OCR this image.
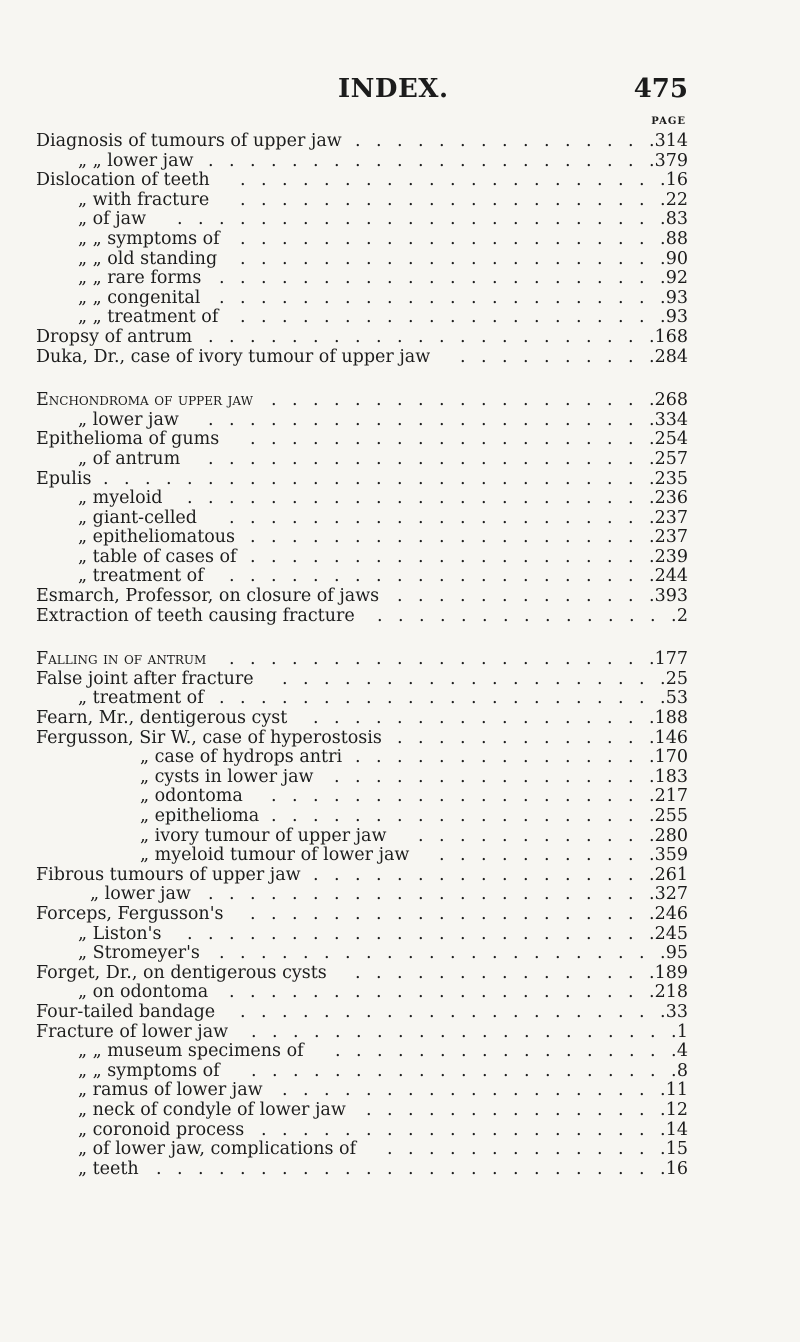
INDEX.	475
PAGE
Diagnosis of tumours of upper jaw	314
.
.
.
.
.
.
.
.
.
.
.
.
.
.
.
„ „ lower jaw	379
.
.
.
.
.
.
.
.
.
.
.
.
.
.
.
.
.
.
.
.
.
.
Dislocation of teeth	16
.
.
.
.
.
.
.
.
.
.
.
.
.
.
.
.
.
.
.
.
.
„ with fracture	22
.
.
.
.
.
.
.
.
.
.
.
.
.
.
.
.
.
.
.
.
.
„ of jaw	83
.
.
.
.
.
.
.
.
.
.
.
.
.
.
.
.
.
.
.
.
.
.
.
.
„ „ symptoms of	88
.
.
.
.
.
.
.
.
.
.
.
.
.
.
.
.
.
.
.
.
.
„ „ old standing	90
.
.
.
.
.
.
.
.
.
.
.
.
.
.
.
.
.
.
.
.
.
„ „ rare forms	92
.
.
.
.
.
.
.
.
.
.
.
.
.
.
.
.
.
.
.
.
.
.
„ „ congenital	93
.
.
.
.
.
.
.
.
.
.
.
.
.
.
.
.
.
.
.
.
.
.
„ „ treatment of	93
.
.
.
.
.
.
.
.
.
.
.
.
.
.
.
.
.
.
.
.
.
Dropsy of antrum	168
.
.
.
.
.
.
.
.
.
.
.
.
.
.
.
.
.
.
.
.
.
.
Duka, Dr., case of ivory tumour of upper jaw	284
.
.
.
.
.
.
.
.
.
.
Enchondroma of upper jaw	268
.
.
.
.
.
.
.
.
.
.
.
.
.
.
.
.
.
.
.
„ lower jaw	334
.
.
.
.
.
.
.
.
.
.
.
.
.
.
.
.
.
.
.
.
.
.
Epithelioma of gums	254
.
.
.
.
.
.
.
.
.
.
.
.
.
.
.
.
.
.
.
.
„ of antrum	257
.
.
.
.
.
.
.
.
.
.
.
.
.
.
.
.
.
.
.
.
.
.
Epulis	235
.
.
.
.
.
.
.
.
.
.
.
.
.
.
.
.
.
.
.
.
.
.
.
.
.
.
.
„ myeloid	236
.
.
.
.
.
.
.
.
.
.
.
.
.
.
.
.
.
.
.
.
.
.
.
„ giant-celled	237
.
.
.
.
.
.
.
.
.
.
.
.
.
.
.
.
.
.
.
.
.
„ epitheliomatous	237
.
.
.
.
.
.
.
.
.
.
.
.
.
.
.
.
.
.
.
.
„ table of cases of	239
.
.
.
.
.
.
.
.
.
.
.
.
.
.
.
.
.
.
.
.
„ treatment of	244
.
.
.
.
.
.
.
.
.
.
.
.
.
.
.
.
.
.
.
.
.
Esmarch, Professor, on closure of jaws	393
.
.
.
.
.
.
.
.
.
.
.
.
.
Extraction of teeth causing fracture	2
.
.
.
.
.
.
.
.
.
.
.
.
.
.
.
Falling in of antrum	177
.
.
.
.
.
.
.
.
.
.
.
.
.
.
.
.
.
.
.
.
.
False joint after fracture	25
.
.
.
.
.
.
.
.
.
.
.
.
.
.
.
.
.
.
.
„ treatment of	53
.
.
.
.
.
.
.
.
.
.
.
.
.
.
.
.
.
.
.
.
.
.
Fearn, Mr., dentigerous cyst	188
.
.
.
.
.
.
.
.
.
.
.
.
.
.
.
.
.
Fergusson, Sir W., case of hyperostosis	146
.
.
.
.
.
.
.
.
.
.
.
.
.
„ case of hydrops antri	170
.
.
.
.
.
.
.
.
.
.
.
.
.
.
.
„ cysts in lower jaw	183
.
.
.
.
.
.
.
.
.
.
.
.
.
.
.
.
„ odontoma	217
.
.
.
.
.
.
.
.
.
.
.
.
.
.
.
.
.
.
.
„ epithelioma	255
.
.
.
.
.
.
.
.
.
.
.
.
.
.
.
.
.
.
.
„ ivory tumour of upper jaw	280
.
.
.
.
.
.
.
.
.
.
.
.
„ myeloid tumour of lower jaw	359
.
.
.
.
.
.
.
.
.
.
.
Fibrous tumours of upper jaw	261
.
.
.
.
.
.
.
.
.
.
.
.
.
.
.
.
.
„ lower jaw	327
.
.
.
.
.
.
.
.
.
.
.
.
.
.
.
.
.
.
.
.
.
.
Forceps, Fergusson's	246
.
.
.
.
.
.
.
.
.
.
.
.
.
.
.
.
.
.
.
.
„ Liston's	245
.
.
.
.
.
.
.
.
.
.
.
.
.
.
.
.
.
.
.
.
.
.
.
„ Stromeyer's	95
.
.
.
.
.
.
.
.
.
.
.
.
.
.
.
.
.
.
.
.
.
.
Forget, Dr., on dentigerous cysts	189
.
.
.
.
.
.
.
.
.
.
.
.
.
.
.
„ on odontoma	218
.
.
.
.
.
.
.
.
.
.
.
.
.
.
.
.
.
.
.
.
.
Four-tailed bandage	33
.
.
.
.
.
.
.
.
.
.
.
.
.
.
.
.
.
.
.
.
.
Fracture of lower jaw	1
.
.
.
.
.
.
.
.
.
.
.
.
.
.
.
.
.
.
.
.
.
„ „ museum specimens of	4
.
.
.
.
.
.
.
.
.
.
.
.
.
.
.
.
.
„ „ symptoms of	8
.
.
.
.
.
.
.
.
.
.
.
.
.
.
.
.
.
.
.
.
.
„ ramus of lower jaw	11
.
.
.
.
.
.
.
.
.
.
.
.
.
.
.
.
.
.
.
„ neck of condyle of lower jaw	12
.
.
.
.
.
.
.
.
.
.
.
.
.
.
.
„ coronoid process	14
.
.
.
.
.
.
.
.
.
.
.
.
.
.
.
.
.
.
.
.
„ of lower jaw, complications of	15
.
.
.
.
.
.
.
.
.
.
.
.
.
.
„ teeth	16
.
.
.
.
.
.
.
.
.
.
.
.
.
.
.
.
.
.
.
.
.
.
.
.
.
